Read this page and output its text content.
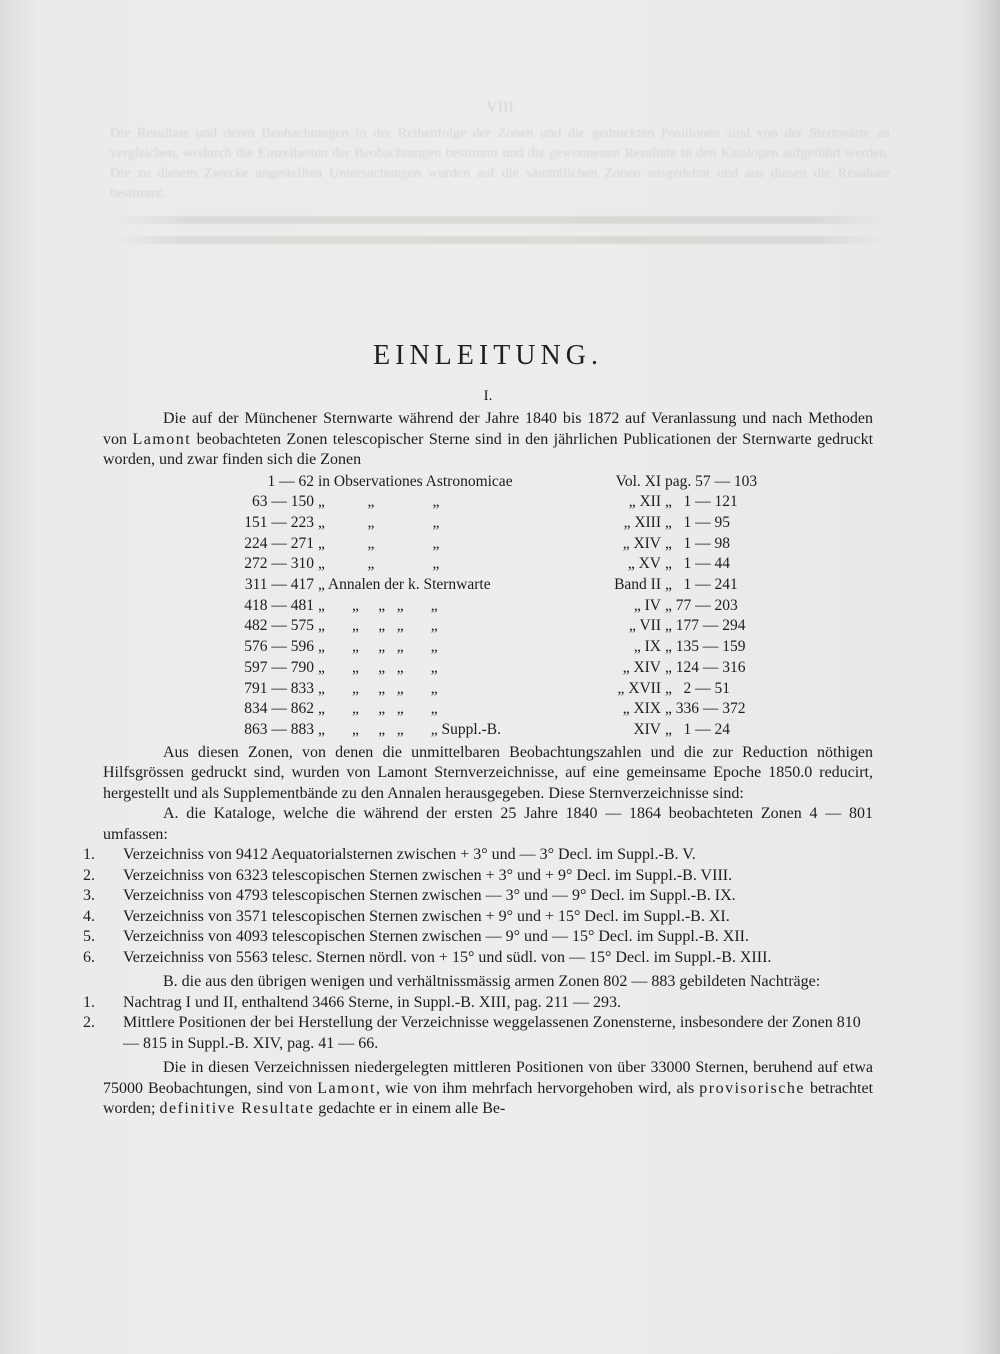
VIII
Die Resultate und deren Beobachtungen in der Reihenfolge der Zonen und die gedruckten Positionen sind von der Sternwarte zu vergleichen, wodurch die Einzelheiten der Beobachtungen bestimmt und die gewonnenen Resultate in den Katalogen aufgeführt werden. Die zu diesem Zwecke angestellten Untersuchungen wurden auf die sämmtlichen Zonen ausgedehnt und aus diesen die Resultate bestimmt.
EINLEITUNG.
I.

Die auf der Münchener Sternwarte während der Jahre 1840 bis 1872 auf Veranlassung und nach Methoden von Lamont beobachteten Zonen telescopischer Sterne sind in den jährlichen Publicationen der Sternwarte gedruckt worden, und zwar finden sich die Zonen

1 — 62	in Observationes Astronomicae	Vol. XI	pag. 57 — 103
63 — 150	„           „               „	„ XII	„   1 — 121
151 — 223	„           „               „	„ XIII	„   1 — 95
224 — 271	„           „               „	„ XIV	„   1 — 98
272 — 310	„           „               „	„ XV	„   1 — 44
311 — 417	„ Annalen der k. Sternwarte	Band II	„   1 — 241
418 — 481	„       „     „   „       „	„ IV	„ 77 — 203
482 — 575	„       „     „   „       „	„ VII	„ 177 — 294
576 — 596	„       „     „   „       „	„ IX	„ 135 — 159
597 — 790	„       „     „   „       „	„ XIV	„ 124 — 316
791 — 833	„       „     „   „       „	„ XVII	„   2 — 51
834 — 862	„       „     „   „       „	„ XIX	„ 336 — 372
863 — 883	„       „     „   „       „ Suppl.-B.	XIV	„   1 — 24

Aus diesen Zonen, von denen die unmittelbaren Beobachtungszahlen und die zur Reduction nöthigen Hilfsgrössen gedruckt sind, wurden von Lamont Sternverzeichnisse, auf eine gemeinsame Epoche 1850.0 reducirt, hergestellt und als Supplementbände zu den Annalen herausgegeben. Diese Sternverzeichnisse sind:

A. die Kataloge, welche die während der ersten 25 Jahre 1840 — 1864 beobachteten Zonen 4 — 801 umfassen:

1. Verzeichniss von 9412 Aequatorialsternen zwischen + 3° und — 3° Decl. im Suppl.-B. V.
2. Verzeichniss von 6323 telescopischen Sternen zwischen + 3° und + 9° Decl. im Suppl.-B. VIII.
3. Verzeichniss von 4793 telescopischen Sternen zwischen — 3° und — 9° Decl. im Suppl.-B. IX.
4. Verzeichniss von 3571 telescopischen Sternen zwischen + 9° und + 15° Decl. im Suppl.-B. XI.
5. Verzeichniss von 4093 telescopischen Sternen zwischen — 9° und — 15° Decl. im Suppl.-B. XII.
6. Verzeichniss von 5563 telesc. Sternen nördl. von + 15° und südl. von — 15° Decl. im Suppl.-B. XIII.

B. die aus den übrigen wenigen und verhältnissmässig armen Zonen 802 — 883 gebildeten Nachträge:

1. Nachtrag I und II, enthaltend 3466 Sterne, in Suppl.-B. XIII, pag. 211 — 293.
2. Mittlere Positionen der bei Herstellung der Verzeichnisse weggelassenen Zonensterne, insbesondere der Zonen 810 — 815 in Suppl.-B. XIV, pag. 41 — 66.

Die in diesen Verzeichnissen niedergelegten mittleren Positionen von über 33000 Sternen, beruhend auf etwa 75000 Beobachtungen, sind von Lamont, wie von ihm mehrfach hervorgehoben wird, als provisorische betrachtet worden; definitive Resultate gedachte er in einem alle Be-
